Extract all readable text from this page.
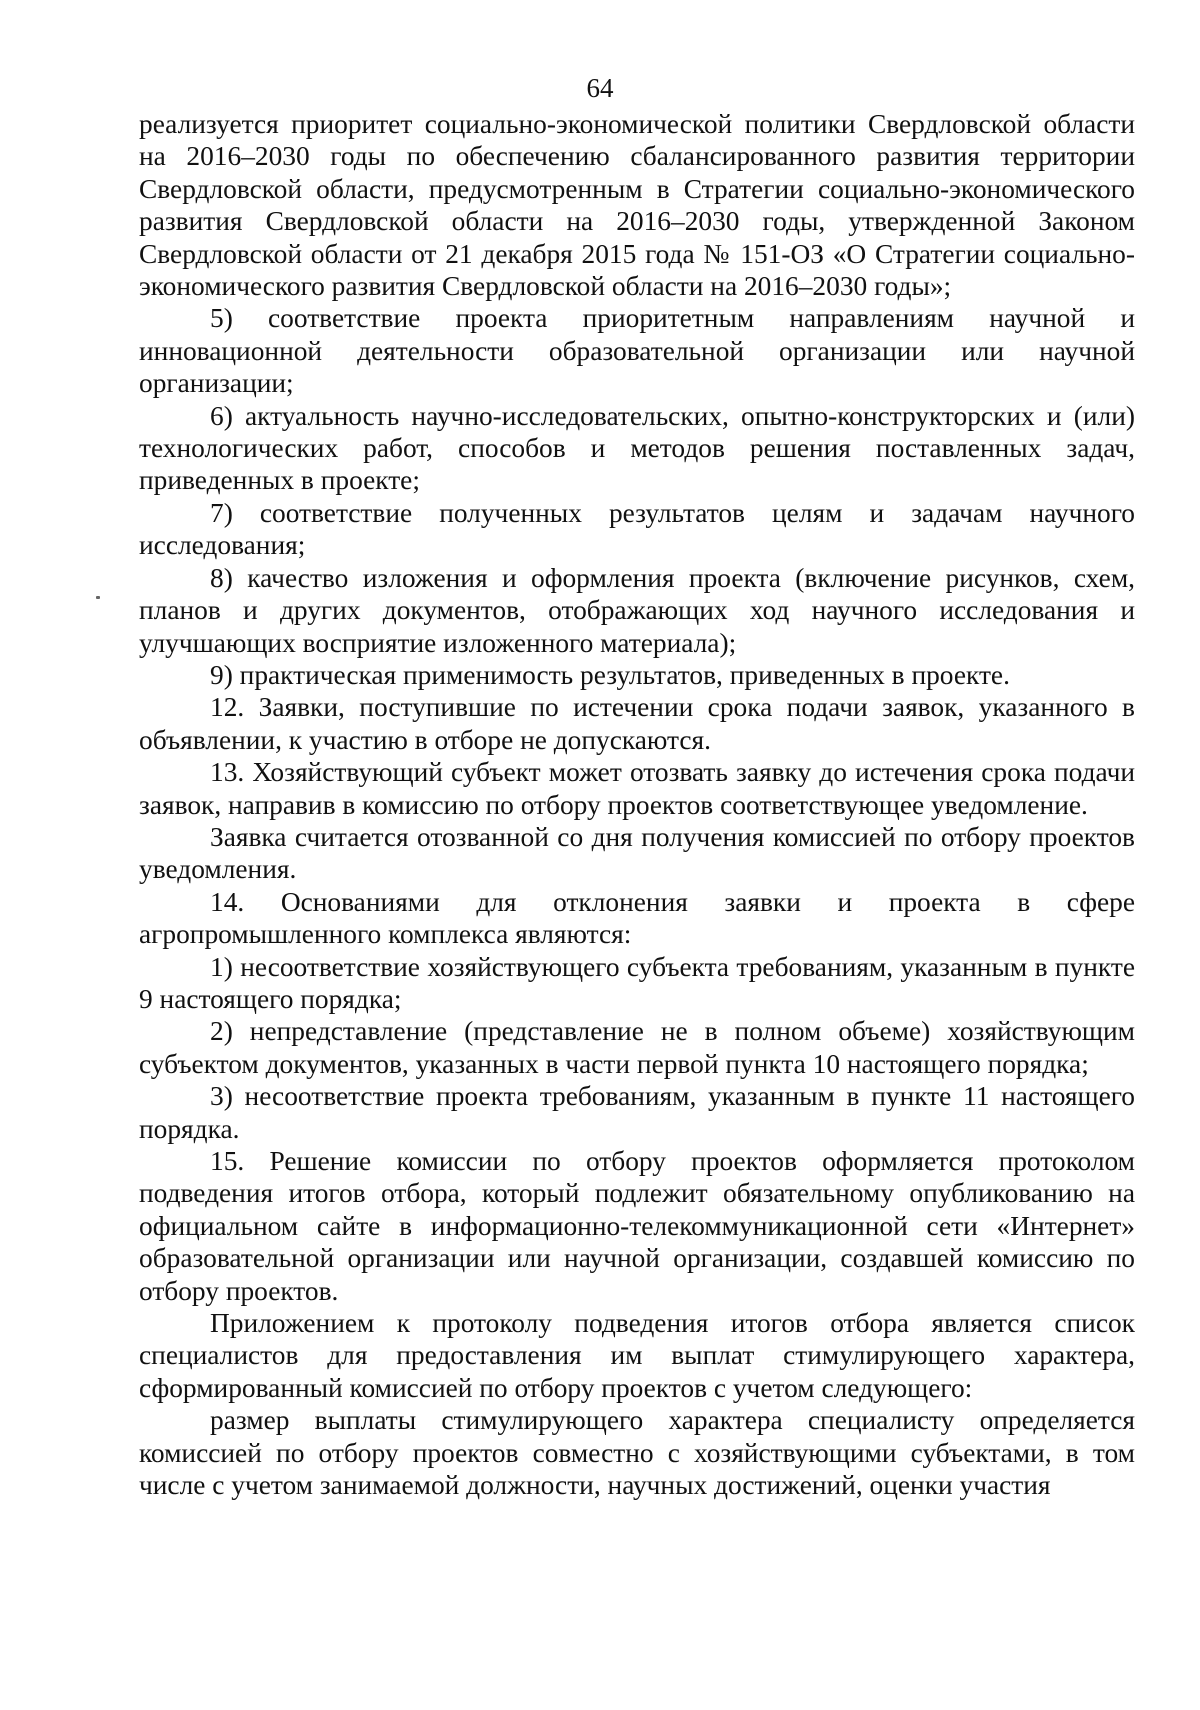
64

реализуется приоритет социально-экономической политики Свердловской области на 2016–2030 годы по обеспечению сбалансированного развития территории Свердловской области, предусмотренным в Стратегии социально-экономического развития Свердловской области на 2016–2030 годы, утвержденной Законом Свердловской области от 21 декабря 2015 года № 151-ОЗ «О Стратегии социально-экономического развития Свердловской области на 2016–2030 годы»;

5) соответствие проекта приоритетным направлениям научной и инновационной деятельности образовательной организации или научной организации;

6) актуальность научно-исследовательских, опытно-конструкторских и (или) технологических работ, способов и методов решения поставленных задач, приведенных в проекте;

7) соответствие полученных результатов целям и задачам научного исследования;

8) качество изложения и оформления проекта (включение рисунков, схем, планов и других документов, отображающих ход научного исследования и улучшающих восприятие изложенного материала);

9) практическая применимость результатов, приведенных в проекте.

12. Заявки, поступившие по истечении срока подачи заявок, указанного в объявлении, к участию в отборе не допускаются.

13. Хозяйствующий субъект может отозвать заявку до истечения срока подачи заявок, направив в комиссию по отбору проектов соответствующее уведомление.

Заявка считается отозванной со дня получения комиссией по отбору проектов уведомления.

14. Основаниями для отклонения заявки и проекта в сфере агропромышленного комплекса являются:

1) несоответствие хозяйствующего субъекта требованиям, указанным в пункте 9 настоящего порядка;

2) непредставление (представление не в полном объеме) хозяйствующим субъектом документов, указанных в части первой пункта 10 настоящего порядка;

3) несоответствие проекта требованиям, указанным в пункте 11 настоящего порядка.

15. Решение комиссии по отбору проектов оформляется протоколом подведения итогов отбора, который подлежит обязательному опубликованию на официальном сайте в информационно-телекоммуникационной сети «Интернет» образовательной организации или научной организации, создавшей комиссию по отбору проектов.

Приложением к протоколу подведения итогов отбора является список специалистов для предоставления им выплат стимулирующего характера, сформированный комиссией по отбору проектов с учетом следующего:

размер выплаты стимулирующего характера специалисту определяется комиссией по отбору проектов совместно с хозяйствующими субъектами, в том числе с учетом занимаемой должности, научных достижений, оценки участия
